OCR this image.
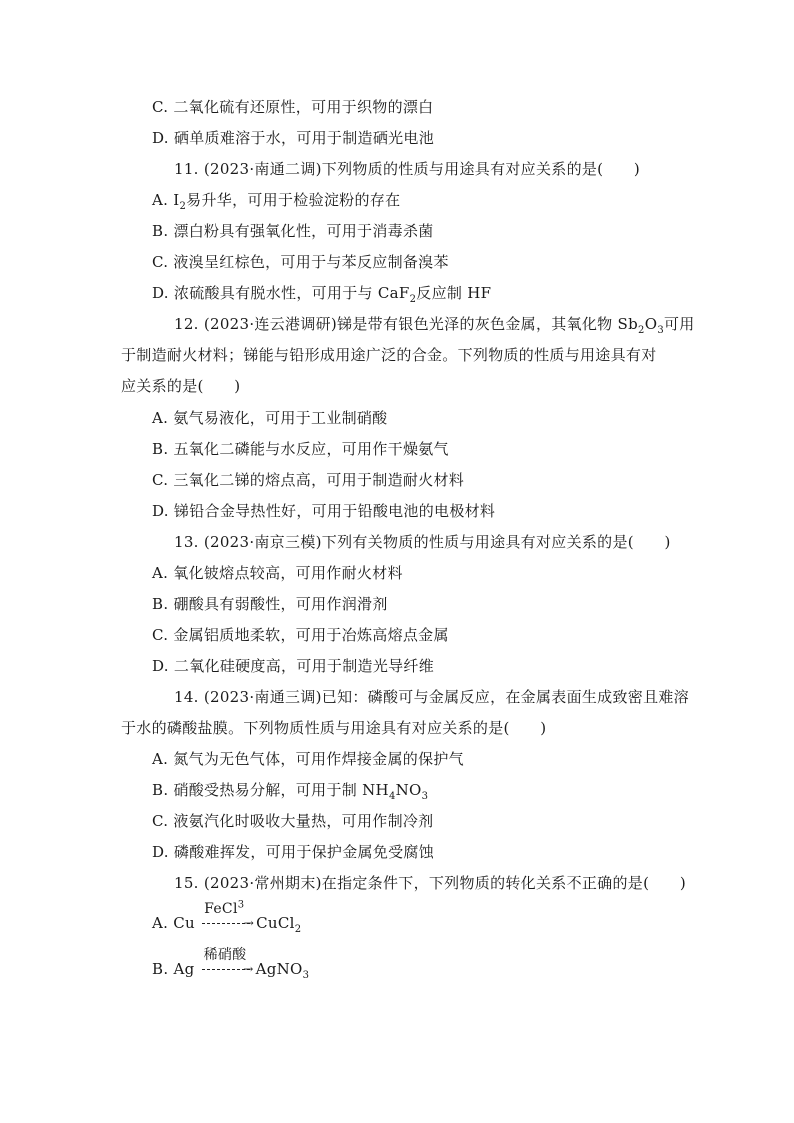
C. 二氧化硫有还原性，可用于织物的漂白
D. 硒单质难溶于水，可用于制造硒光电池
11. (2023·南通二调)下列物质的性质与用途具有对应关系的是(　　)
A. $I_2$易升华，可用于检验淀粉的存在
B. 漂白粉具有强氧化性，可用于消毒杀菌
C. 液溴呈红棕色，可用于与苯反应制备溴苯
D. 浓硫酸具有脱水性，可用于与 CaF$_2$反应制 HF
12. (2023·连云港调研)锑是带有银色光泽的灰色金属，其氧化物 $Sb_2O_3$可用
于制造耐火材料；锑能与铅形成用途广泛的合金。下列物质的性质与用途具有对
应关系的是(　　)
A. 氨气易液化，可用于工业制硝酸
B. 五氧化二磷能与水反应，可用作干燥氨气
C. 三氧化二锑的熔点高，可用于制造耐火材料
D. 锑铅合金导热性好，可用于铅酸电池的电极材料
13. (2023·南京三模)下列有关物质的性质与用途具有对应关系的是(　　)
A. 氧化铍熔点较高，可用作耐火材料
B. 硼酸具有弱酸性，可用作润滑剂
C. 金属铝质地柔软，可用于冶炼高熔点金属
D. 二氧化硅硬度高，可用于制造光导纤维
14. (2023·南通三调)已知：磷酸可与金属反应，在金属表面生成致密且难溶
于水的磷酸盐膜。下列物质性质与用途具有对应关系的是(　　)
A. 氮气为无色气体，可用作焊接金属的保护气
B. 硝酸受热易分解，可用于制 $NH_4NO_3$
C. 液氨汽化时吸收大量热，可用作制冷剂
D. 磷酸难挥发，可用于保护金属免受腐蚀
15. (2023·常州期末)在指定条件下，下列物质的转化关系不正确的是(　　)
A. Cu
FeCl$^3$
→ CuCl$_2$
B. Ag
稀硝酸
→ AgNO$_3$
